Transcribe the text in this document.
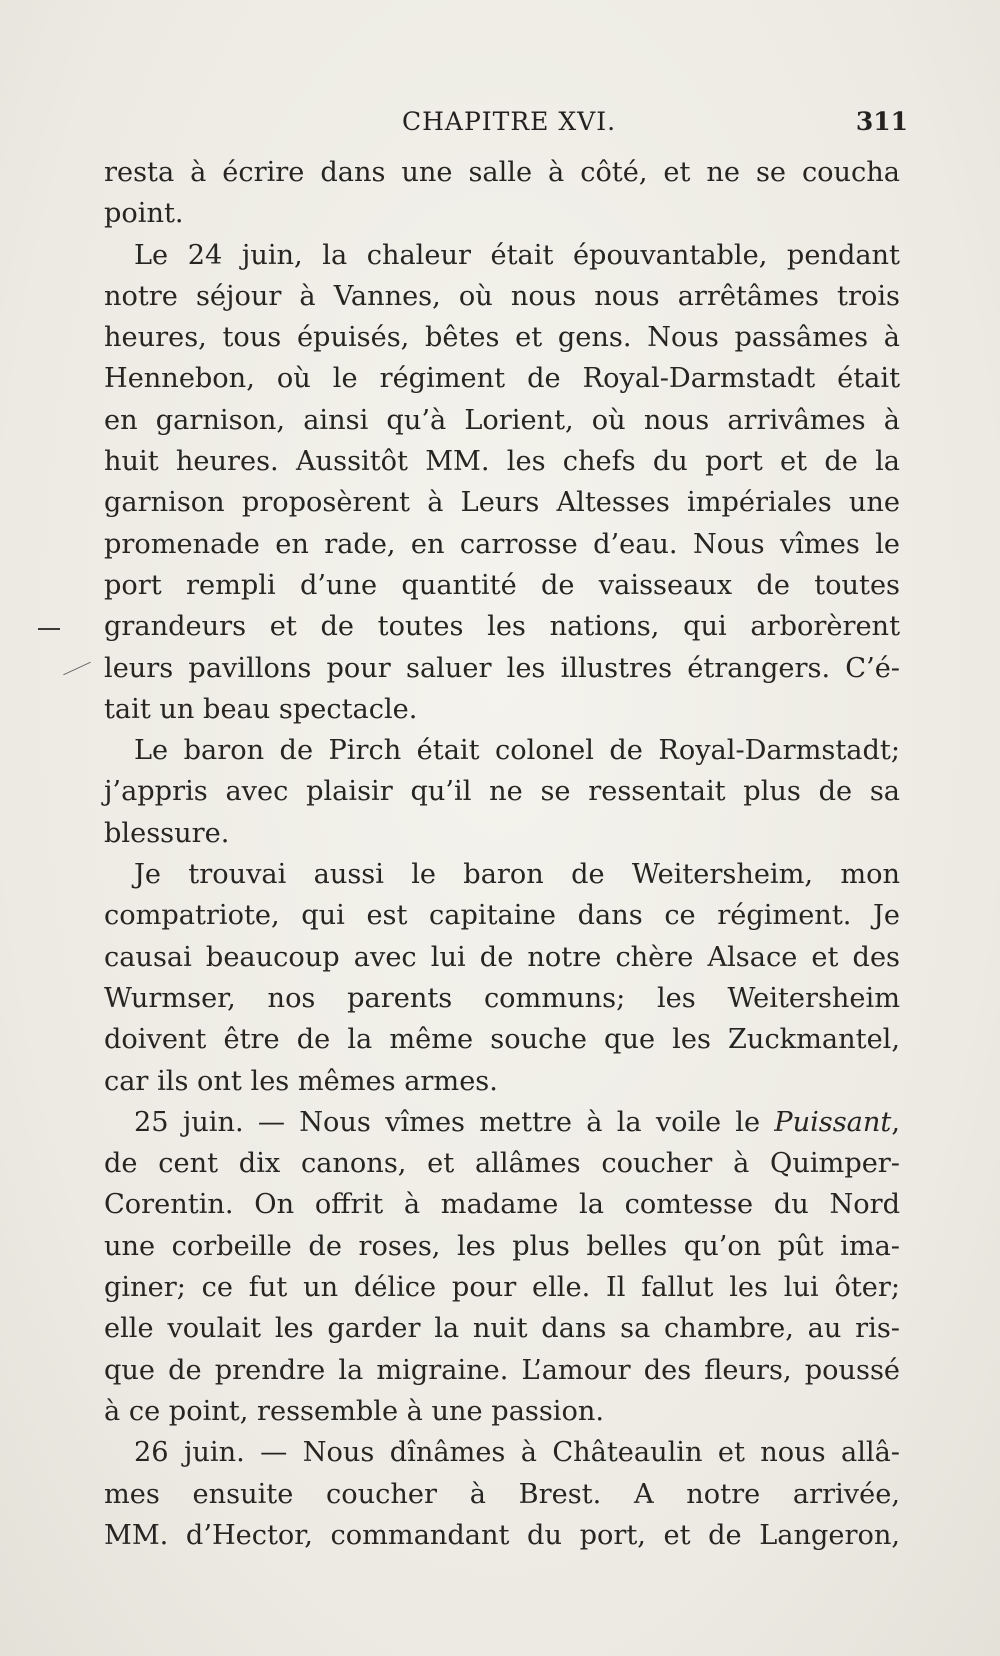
CHAPITRE XVI.	311
resta à écrire dans une salle à côté, et ne se coucha
point.
Le 24 juin, la chaleur était épouvantable, pendant
notre séjour à Vannes, où nous nous arrêtâmes trois
heures, tous épuisés, bêtes et gens. Nous passâmes à
Hennebon, où le régiment de Royal-Darmstadt était
en garnison, ainsi qu’à Lorient, où nous arrivâmes à
huit heures. Aussitôt MM. les chefs du port et de la
garnison proposèrent à Leurs Altesses impériales une
promenade en rade, en carrosse d’eau. Nous vîmes le
port rempli d’une quantité de vaisseaux de toutes
grandeurs et de toutes les nations, qui arborèrent
leurs pavillons pour saluer les illustres étrangers. C’é-
tait un beau spectacle.
Le baron de Pirch était colonel de Royal-Darmstadt;
j’appris avec plaisir qu’il ne se ressentait plus de sa
blessure.
Je trouvai aussi le baron de Weitersheim, mon
compatriote, qui est capitaine dans ce régiment. Je
causai beaucoup avec lui de notre chère Alsace et des
Wurmser, nos parents communs; les Weitersheim
doivent être de la même souche que les Zuckmantel,
car ils ont les mêmes armes.
25 juin. — Nous vîmes mettre à la voile le Puissant,
de cent dix canons, et allâmes coucher à Quimper-
Corentin. On offrit à madame la comtesse du Nord
une corbeille de roses, les plus belles qu’on pût ima-
giner; ce fut un délice pour elle. Il fallut les lui ôter;
elle voulait les garder la nuit dans sa chambre, au ris-
que de prendre la migraine. L’amour des fleurs, poussé
à ce point, ressemble à une passion.
26 juin. — Nous dînâmes à Châteaulin et nous allâ-
mes ensuite coucher à Brest. A notre arrivée,
MM. d’Hector, commandant du port, et de Langeron,
